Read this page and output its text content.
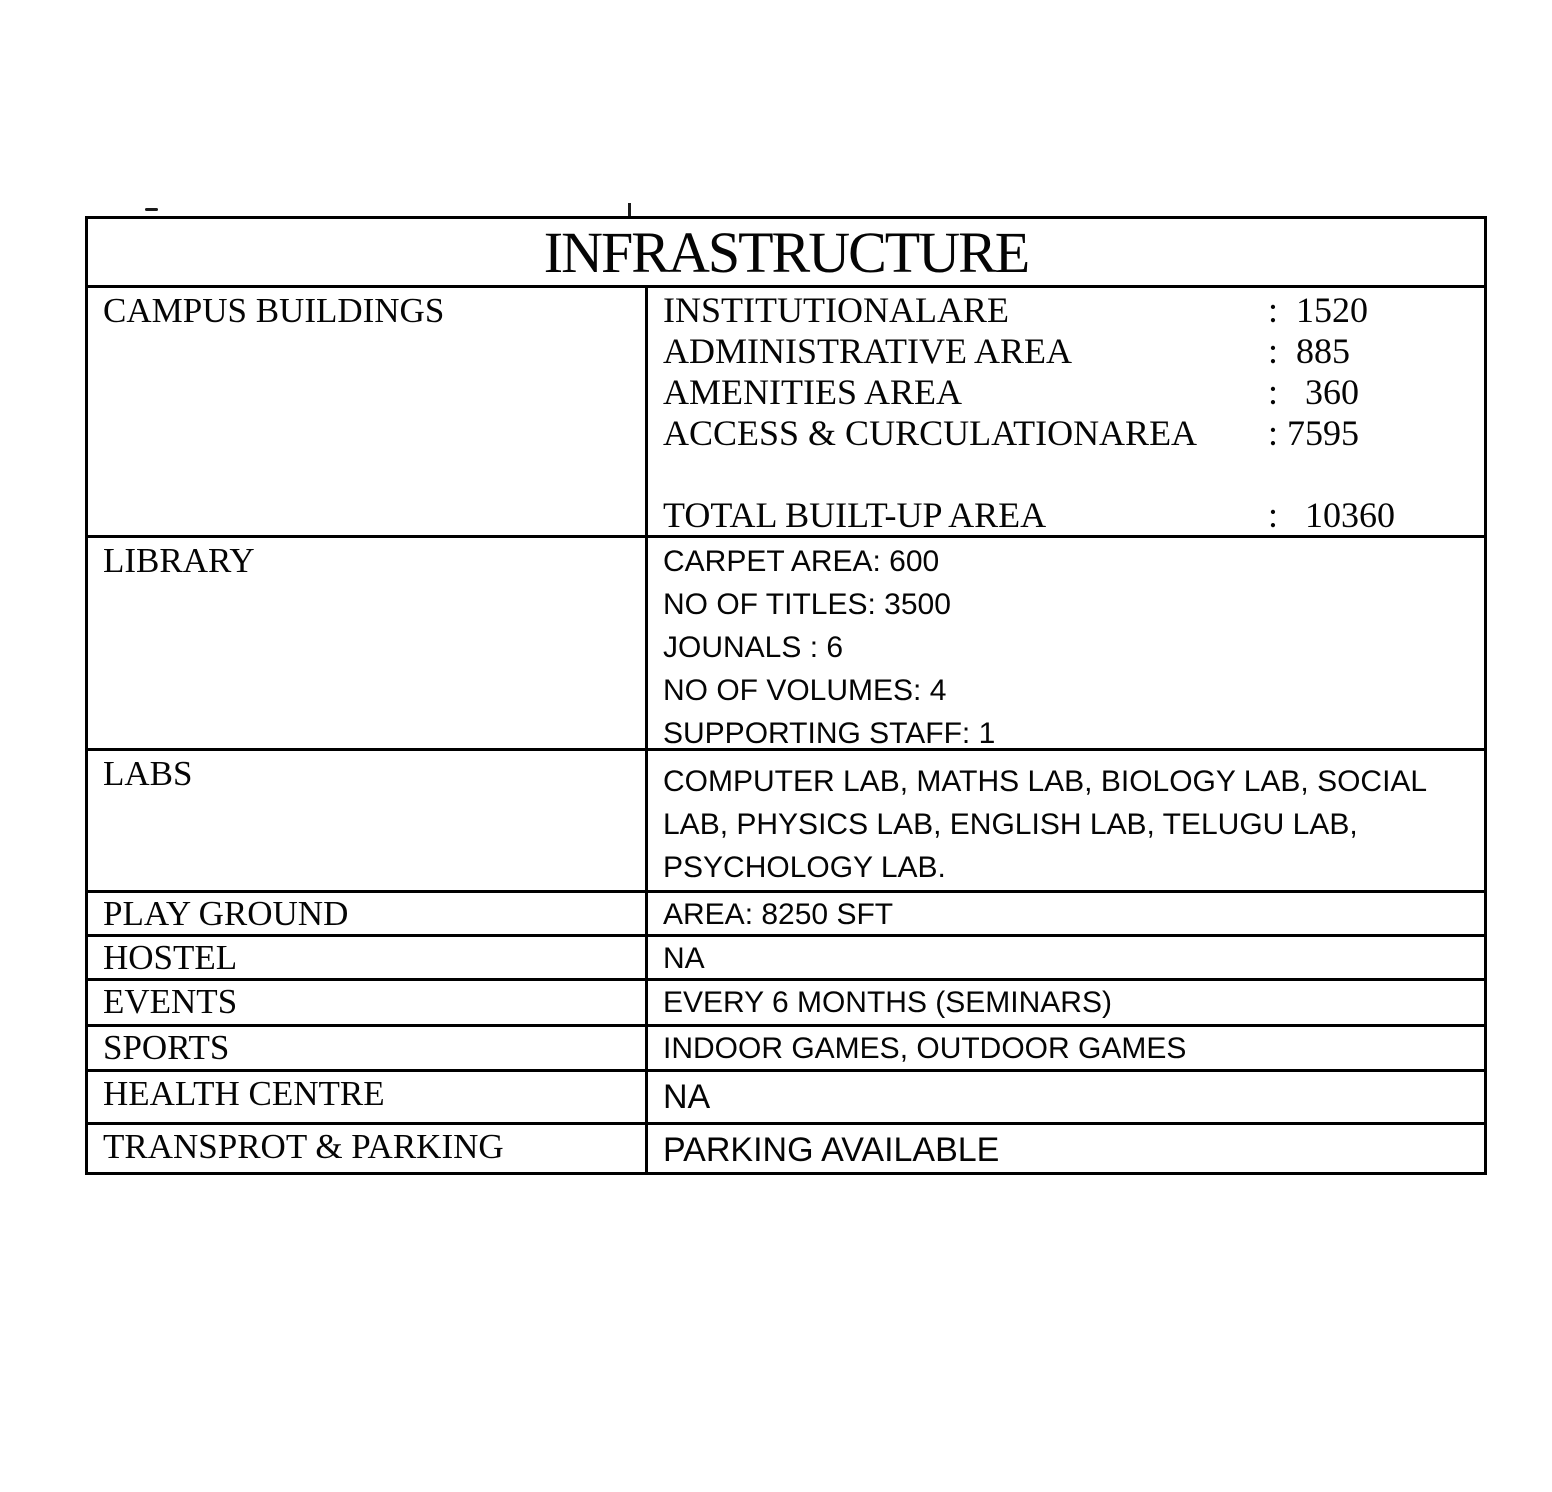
INFRASTRUCTURE
CAMPUS BUILDINGS	INSTITUTIONALARE	:  1520
ADMINISTRATIVE AREA	:  885
AMENITIES AREA	:   360
ACCESS & CURCULATIONAREA	: 7595
TOTAL BUILT-UP AREA	:   10360
LIBRARY	CARPET AREA: 600
NO OF TITLES: 3500
JOUNALS : 6
NO OF VOLUMES: 4
SUPPORTING STAFF: 1
LABS	COMPUTER LAB, MATHS LAB, BIOLOGY LAB, SOCIAL LAB, PHYSICS LAB, ENGLISH LAB, TELUGU LAB, PSYCHOLOGY LAB.
PLAY GROUND	AREA: 8250 SFT
HOSTEL	NA
EVENTS	EVERY 6 MONTHS (SEMINARS)
SPORTS	INDOOR GAMES, OUTDOOR GAMES
HEALTH CENTRE	NA
TRANSPROT & PARKING	PARKING AVAILABLE
